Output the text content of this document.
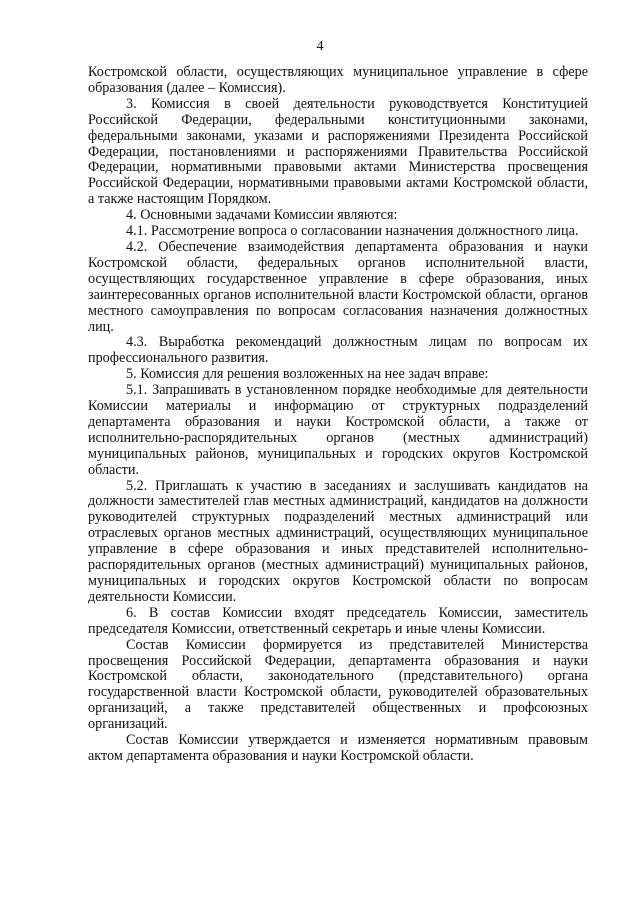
4

Костромской области, осуществляющих муниципальное управление в сфере образования (далее – Комиссия).

3. Комиссия в своей деятельности руководствуется Конституцией Российской Федерации, федеральными конституционными законами, федеральными законами, указами и распоряжениями Президента Российской Федерации, постановлениями и распоряжениями Правительства Российской Федерации, нормативными правовыми актами Министерства просвещения Российской Федерации, нормативными правовыми актами Костромской области, а также настоящим Порядком.

4. Основными задачами Комиссии являются:

4.1. Рассмотрение вопроса о согласовании назначения должностного лица.

4.2. Обеспечение взаимодействия департамента образования и науки Костромской области, федеральных органов исполнительной власти, осуществляющих государственное управление в сфере образования, иных заинтересованных органов исполнительной власти Костромской области, органов местного самоуправления по вопросам согласования назначения должностных лиц.

4.3. Выработка рекомендаций должностным лицам по вопросам их профессионального развития.

5. Комиссия для решения возложенных на нее задач вправе:

5.1. Запрашивать в установленном порядке необходимые для деятельности Комиссии материалы и информацию от структурных подразделений департамента образования и науки Костромской области, а также от исполнительно-распорядительных органов (местных администраций) муниципальных районов, муниципальных и городских округов Костромской области.

5.2. Приглашать к участию в заседаниях и заслушивать кандидатов на должности заместителей глав местных администраций, кандидатов на должности руководителей структурных подразделений местных администраций или отраслевых органов местных администраций, осуществляющих муниципальное управление в сфере образования и иных представителей исполнительно-распорядительных органов (местных администраций) муниципальных районов, муниципальных и городских округов Костромской области по вопросам деятельности Комиссии.

6. В состав Комиссии входят председатель Комиссии, заместитель председателя Комиссии, ответственный секретарь и иные члены Комиссии.

Состав Комиссии формируется из представителей Министерства просвещения Российской Федерации, департамента образования и науки Костромской области, законодательного (представительного) органа государственной власти Костромской области, руководителей образовательных организаций, а также представителей общественных и профсоюзных организаций.

Состав Комиссии утверждается и изменяется нормативным правовым актом департамента образования и науки Костромской области.
